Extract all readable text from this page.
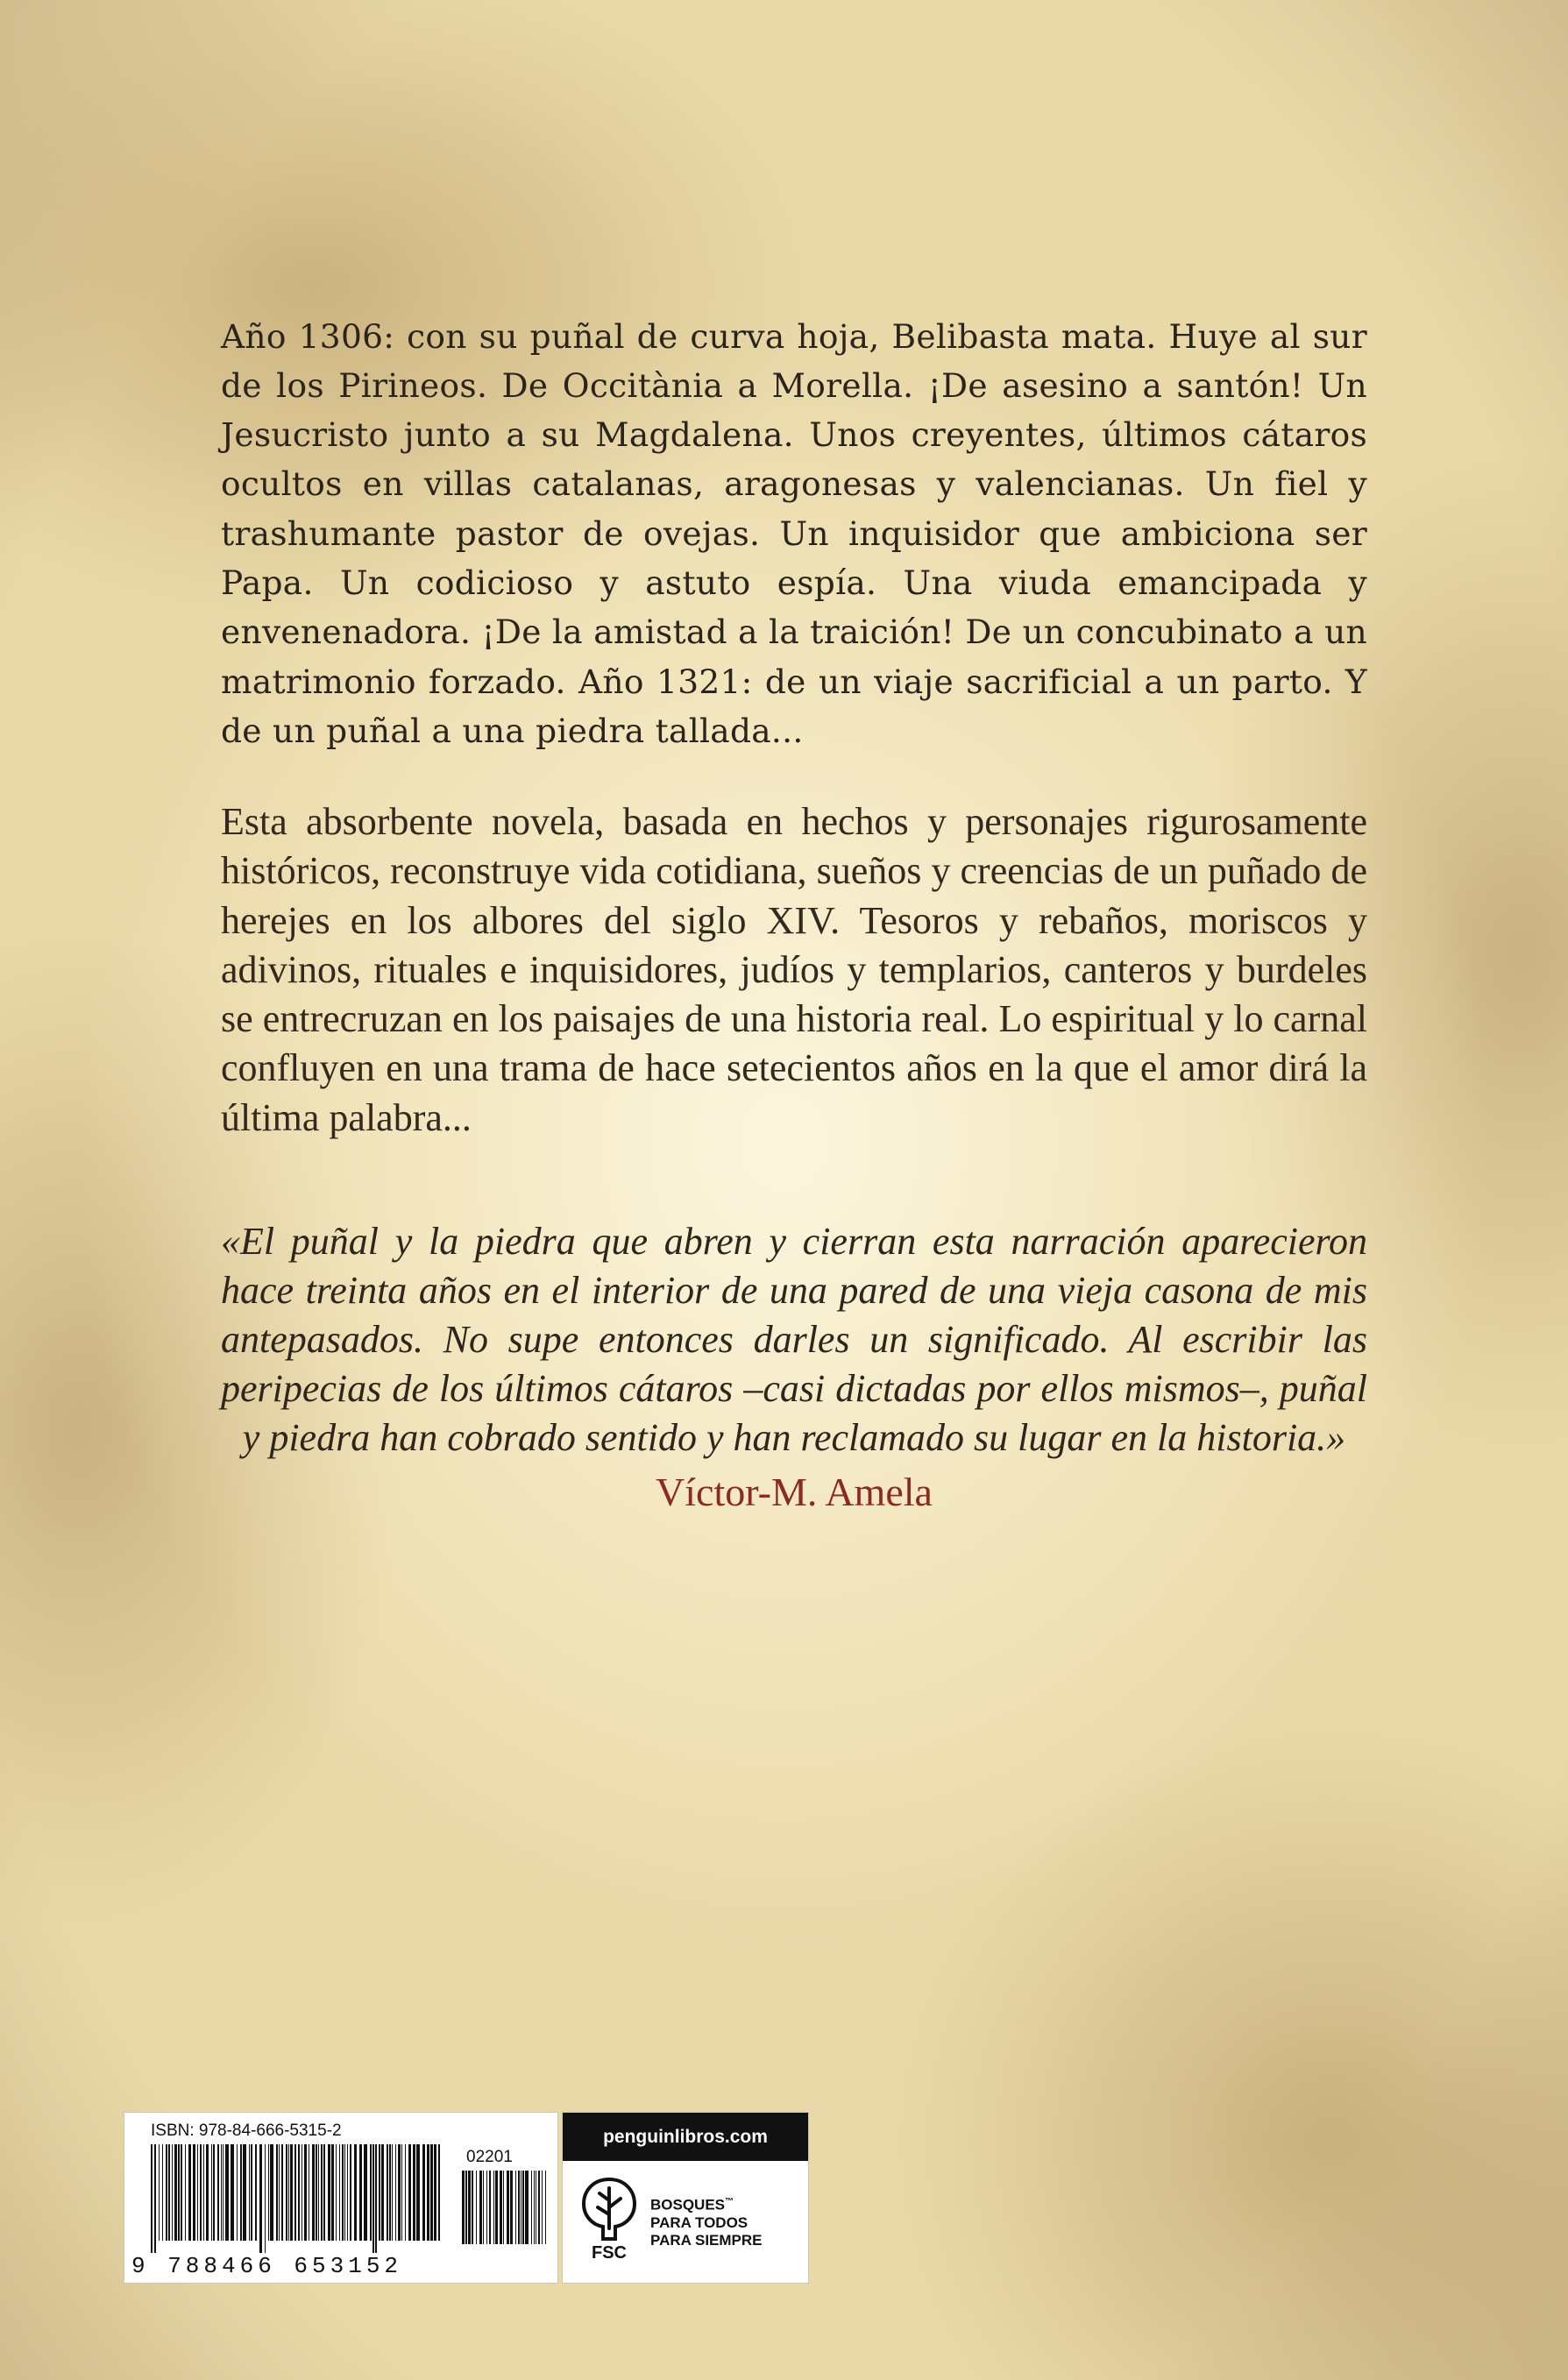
Año 1306: con su puñal de curva hoja, Belibasta mata. Huye al sur de los Pirineos. De Occitània a Morella. ¡De asesino a santón! Un Jesucristo junto a su Magdalena. Unos creyentes, últimos cátaros ocultos en villas catalanas, aragonesas y valencianas. Un fiel y trashumante pastor de ovejas. Un inquisidor que ambiciona ser Papa. Un codicioso y astuto espía. Una viuda emancipada y envenenadora. ¡De la amistad a la traición! De un concubinato a un matrimonio forzado. Año 1321: de un viaje sacrificial a un parto. Y de un puñal a una piedra tallada...

Esta absorbente novela, basada en hechos y personajes rigurosamente históricos, reconstruye vida cotidiana, sueños y creencias de un puñado de herejes en los albores del siglo XIV. Tesoros y rebaños, moriscos y adivinos, rituales e inquisidores, judíos y templarios, canteros y burdeles se entrecruzan en los paisajes de una historia real. Lo espiritual y lo carnal confluyen en una trama de hace setecientos años en la que el amor dirá la última palabra...

«El puñal y la piedra que abren y cierran esta narración aparecieron hace treinta años en el interior de una pared de una vieja casona de mis antepasados. No supe entonces darles un significado. Al escribir las peripecias de los últimos cátaros –casi dictadas por ellos mismos–, puñal y piedra han cobrado sentido y han reclamado su lugar en la historia.»

Víctor-M. Amela
ISBN: 978-84-666-5315-2
02201
9 788466 653152
penguinlibros.com
FSC
BOSQUES™
PARA TODOS
PARA SIEMPRE
